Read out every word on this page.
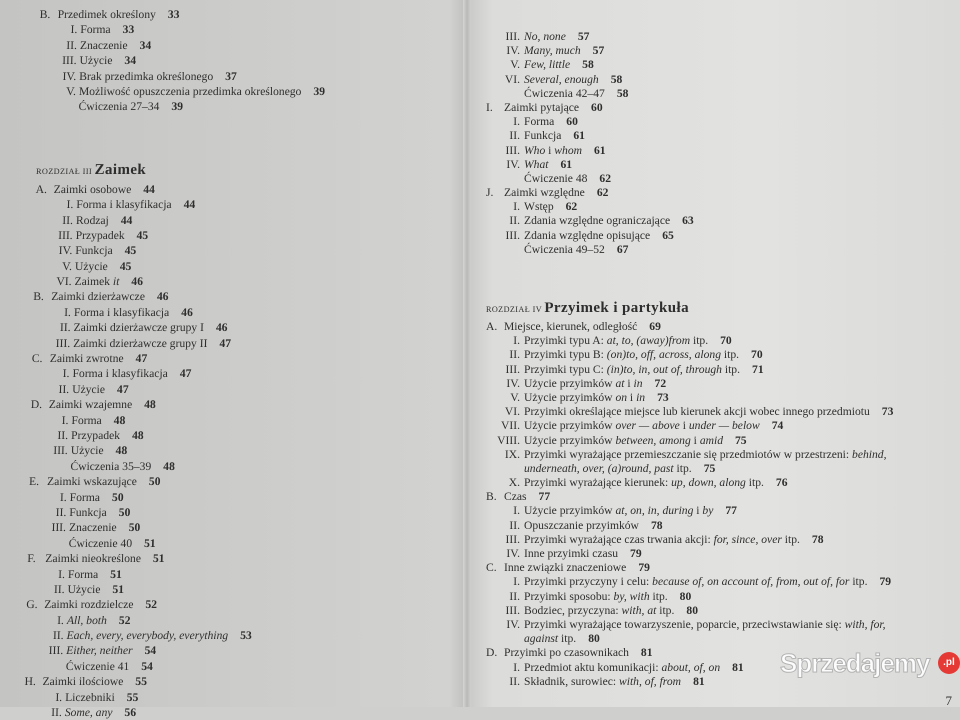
B. Przedimek określony 33
I. Forma 33
II. Znaczenie 34
III. Użycie 34
IV. Brak przedimka określonego 37
V. Możliwość opuszczenia przedimka określonego 39
Ćwiczenia 27–34 39
ROZDZIAŁ III Zaimek
A. Zaimki osobowe 44
I. Forma i klasyfikacja 44
II. Rodzaj 44
III. Przypadek 45
IV. Funkcja 45
V. Użycie 45
VI. Zaimek it 46
B. Zaimki dzierżawcze 46
I. Forma i klasyfikacja 46
II. Zaimki dzierżawcze grupy I 46
III. Zaimki dzierżawcze grupy II 47
C. Zaimki zwrotne 47
I. Forma i klasyfikacja 47
II. Użycie 47
D. Zaimki wzajemne 48
I. Forma 48
II. Przypadek 48
III. Użycie 48
Ćwiczenia 35–39 48
E. Zaimki wskazujące 50
I. Forma 50
II. Funkcja 50
III. Znaczenie 50
Ćwiczenie 40 51
F. Zaimki nieokreślone 51
I. Forma 51
II. Użycie 51
G. Zaimki rozdzielcze 52
I. All, both 52
II. Each, every, everybody, everything 53
III. Either, neither 54
Ćwiczenie 41 54
H. Zaimki ilościowe 55
I. Liczebniki 55
II. Some, any 56
III. No, none 57
IV. Many, much 57
V. Few, little 58
VI. Several, enough 58
Ćwiczenia 42–47 58
I. Zaimki pytające 60
I. Forma 60
II. Funkcja 61
III. Who i whom 61
IV. What 61
Ćwiczenie 48 62
J. Zaimki względne 62
I. Wstęp 62
II. Zdania względne ograniczające 63
III. Zdania względne opisujące 65
Ćwiczenia 49–52 67
ROZDZIAŁ IV Przyimek i partykuła
A. Miejsce, kierunek, odległość 69
I. Przyimki typu A: at, to, (away)from itp. 70
II. Przyimki typu B: (on)to, off, across, along itp. 70
III. Przyimki typu C: (in)to, in, out of, through itp. 71
IV. Użycie przyimków at i in 72
V. Użycie przyimków on i in 73
VI. Przyimki określające miejsce lub kierunek akcji wobec innego przedmiotu 73
VII. Użycie przyimków over — above i under — below 74
VIII. Użycie przyimków between, among i amid 75
IX. Przyimki wyrażające przemieszczanie się przedmiotów w przestrzeni: behind,
underneath, over, (a)round, past itp. 75
X. Przyimki wyrażające kierunek: up, down, along itp. 76
B. Czas 77
I. Użycie przyimków at, on, in, during i by 77
II. Opuszczanie przyimków 78
III. Przyimki wyrażające czas trwania akcji: for, since, over itp. 78
IV. Inne przyimki czasu 79
C. Inne związki znaczeniowe 79
I. Przyimki przyczyny i celu: because of, on account of, from, out of, for itp. 79
II. Przyimki sposobu: by, with itp. 80
III. Bodziec, przyczyna: with, at itp. 80
IV. Przyimki wyrażające towarzyszenie, poparcie, przeciwstawianie się: with, for,
against itp. 80
D. Przyimki po czasownikach 81
I. Przedmiot aktu komunikacji: about, of, on 81
II. Składnik, surowiec: with, of, from 81
Sprzedajemy	.pl
7
